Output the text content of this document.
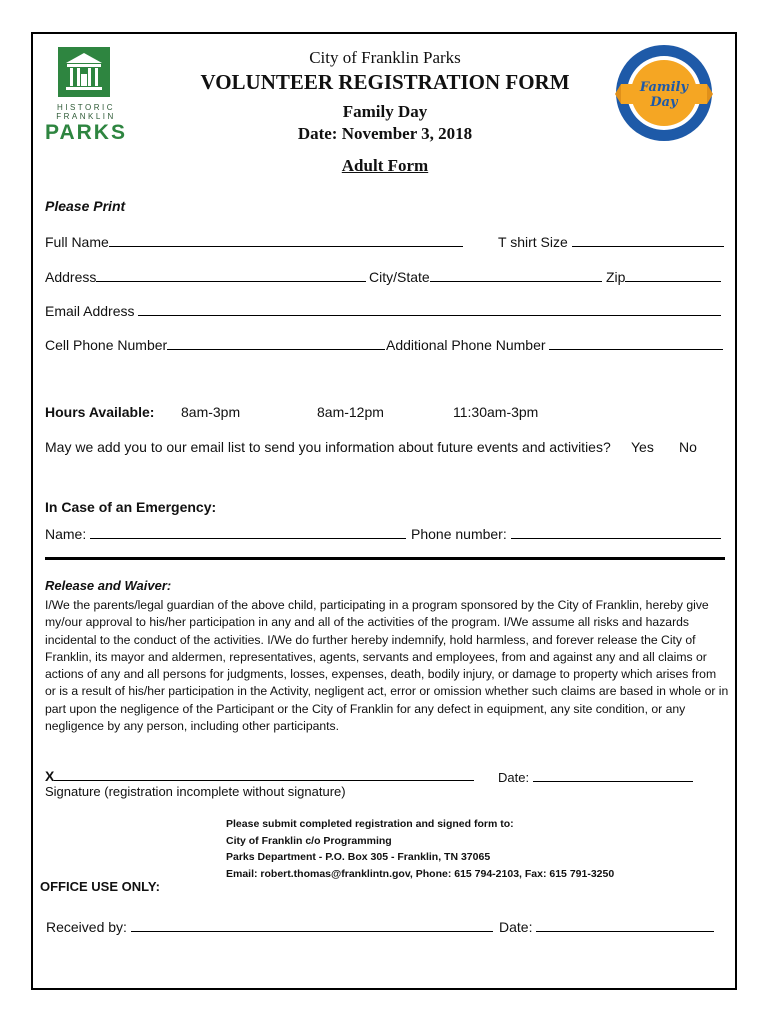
HISTORIC
FRANKLIN
PARKS
Family
Day
City of Franklin Parks
VOLUNTEER REGISTRATION FORM
Family Day
Date: November 3, 2018
Adult Form
Please Print
Full Name	T shirt Size
Address	City/State	Zip
Email Address
Cell Phone Number	Additional Phone Number
Hours Available: 8am-3pm	8am-12pm	11:30am-3pm
May we add you to our email list to send you information about future events and activities? Yes No
In Case of an Emergency:
Name:	Phone number:
Release and Waiver:
I/We the parents/legal guardian of the above child, participating in a program sponsored by the City of Franklin, hereby give my/our approval to his/her participation in any and all of the activities of the program. I/We assume all risks and hazards incidental to the conduct of the activities. I/We do further hereby indemnify, hold harmless, and forever release the City of Franklin, its mayor and aldermen, representatives, agents, servants and employees, from and against any and all claims or actions of any and all persons for judgments, losses, expenses, death, bodily injury, or damage to property which arises from or is a result of his/her participation in the Activity, negligent act, error or omission whether such claims are based in whole or in part upon the negligence of the Participant or the City of Franklin for any defect in equipment, any site condition, or any negligence by any person, including other participants.
X	Date:
Signature (registration incomplete without signature)
Please submit completed registration and signed form to:
City of Franklin c/o Programming
Parks Department - P.O. Box 305 - Franklin, TN 37065
Email: robert.thomas@franklintn.gov, Phone: 615 794-2103, Fax: 615 791-3250
OFFICE USE ONLY:
Received by:	Date:
